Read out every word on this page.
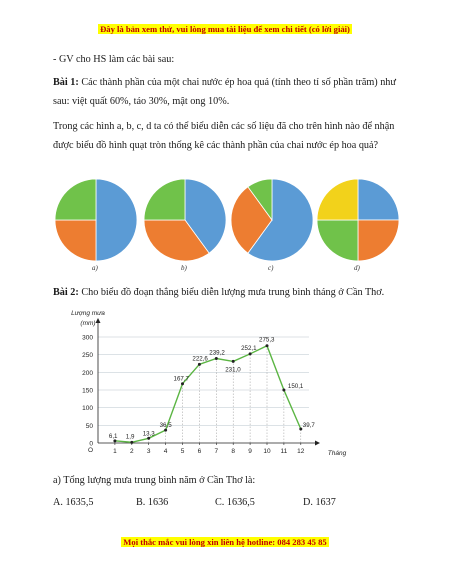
Đây là bản xem thử, vui lòng mua tài liệu để xem chi tiết (có lời giải)
- GV cho HS làm các bài sau:
Bài 1: Các thành phần của một chai nước ép hoa quả (tính theo tỉ số phần trăm) như sau: việt quất 60%, táo 30%, mật ong 10%.
Trong các hình a, b, c, d ta có thể biểu diễn các số liệu đã cho trên hình nào để nhận được biểu đồ hình quạt tròn thống kê các thành phần của chai nước ép hoa quả?
a)	b)	c)	d)
Bài 2: Cho biểu đồ đoạn thẳng biểu diễn lượng mưa trung bình tháng ở Cần Thơ.
0
50
100
150
200
250
300
Lượng mưa
(mm)
Tháng
O	1 2 3 4 5 6 7 8 9 10 11 12
6,1 1,9 13,3
36,5
167,7
222,6
239,2
231,0
252,1
275,3
150,1
39,7
a) Tổng lượng mưa trung bình năm ở Cần Thơ là:
A. 1635,5	B. 1636	C. 1636,5	D. 1637
Mọi thắc mắc vui lòng xin liên hệ hotline: 084 283 45 85
